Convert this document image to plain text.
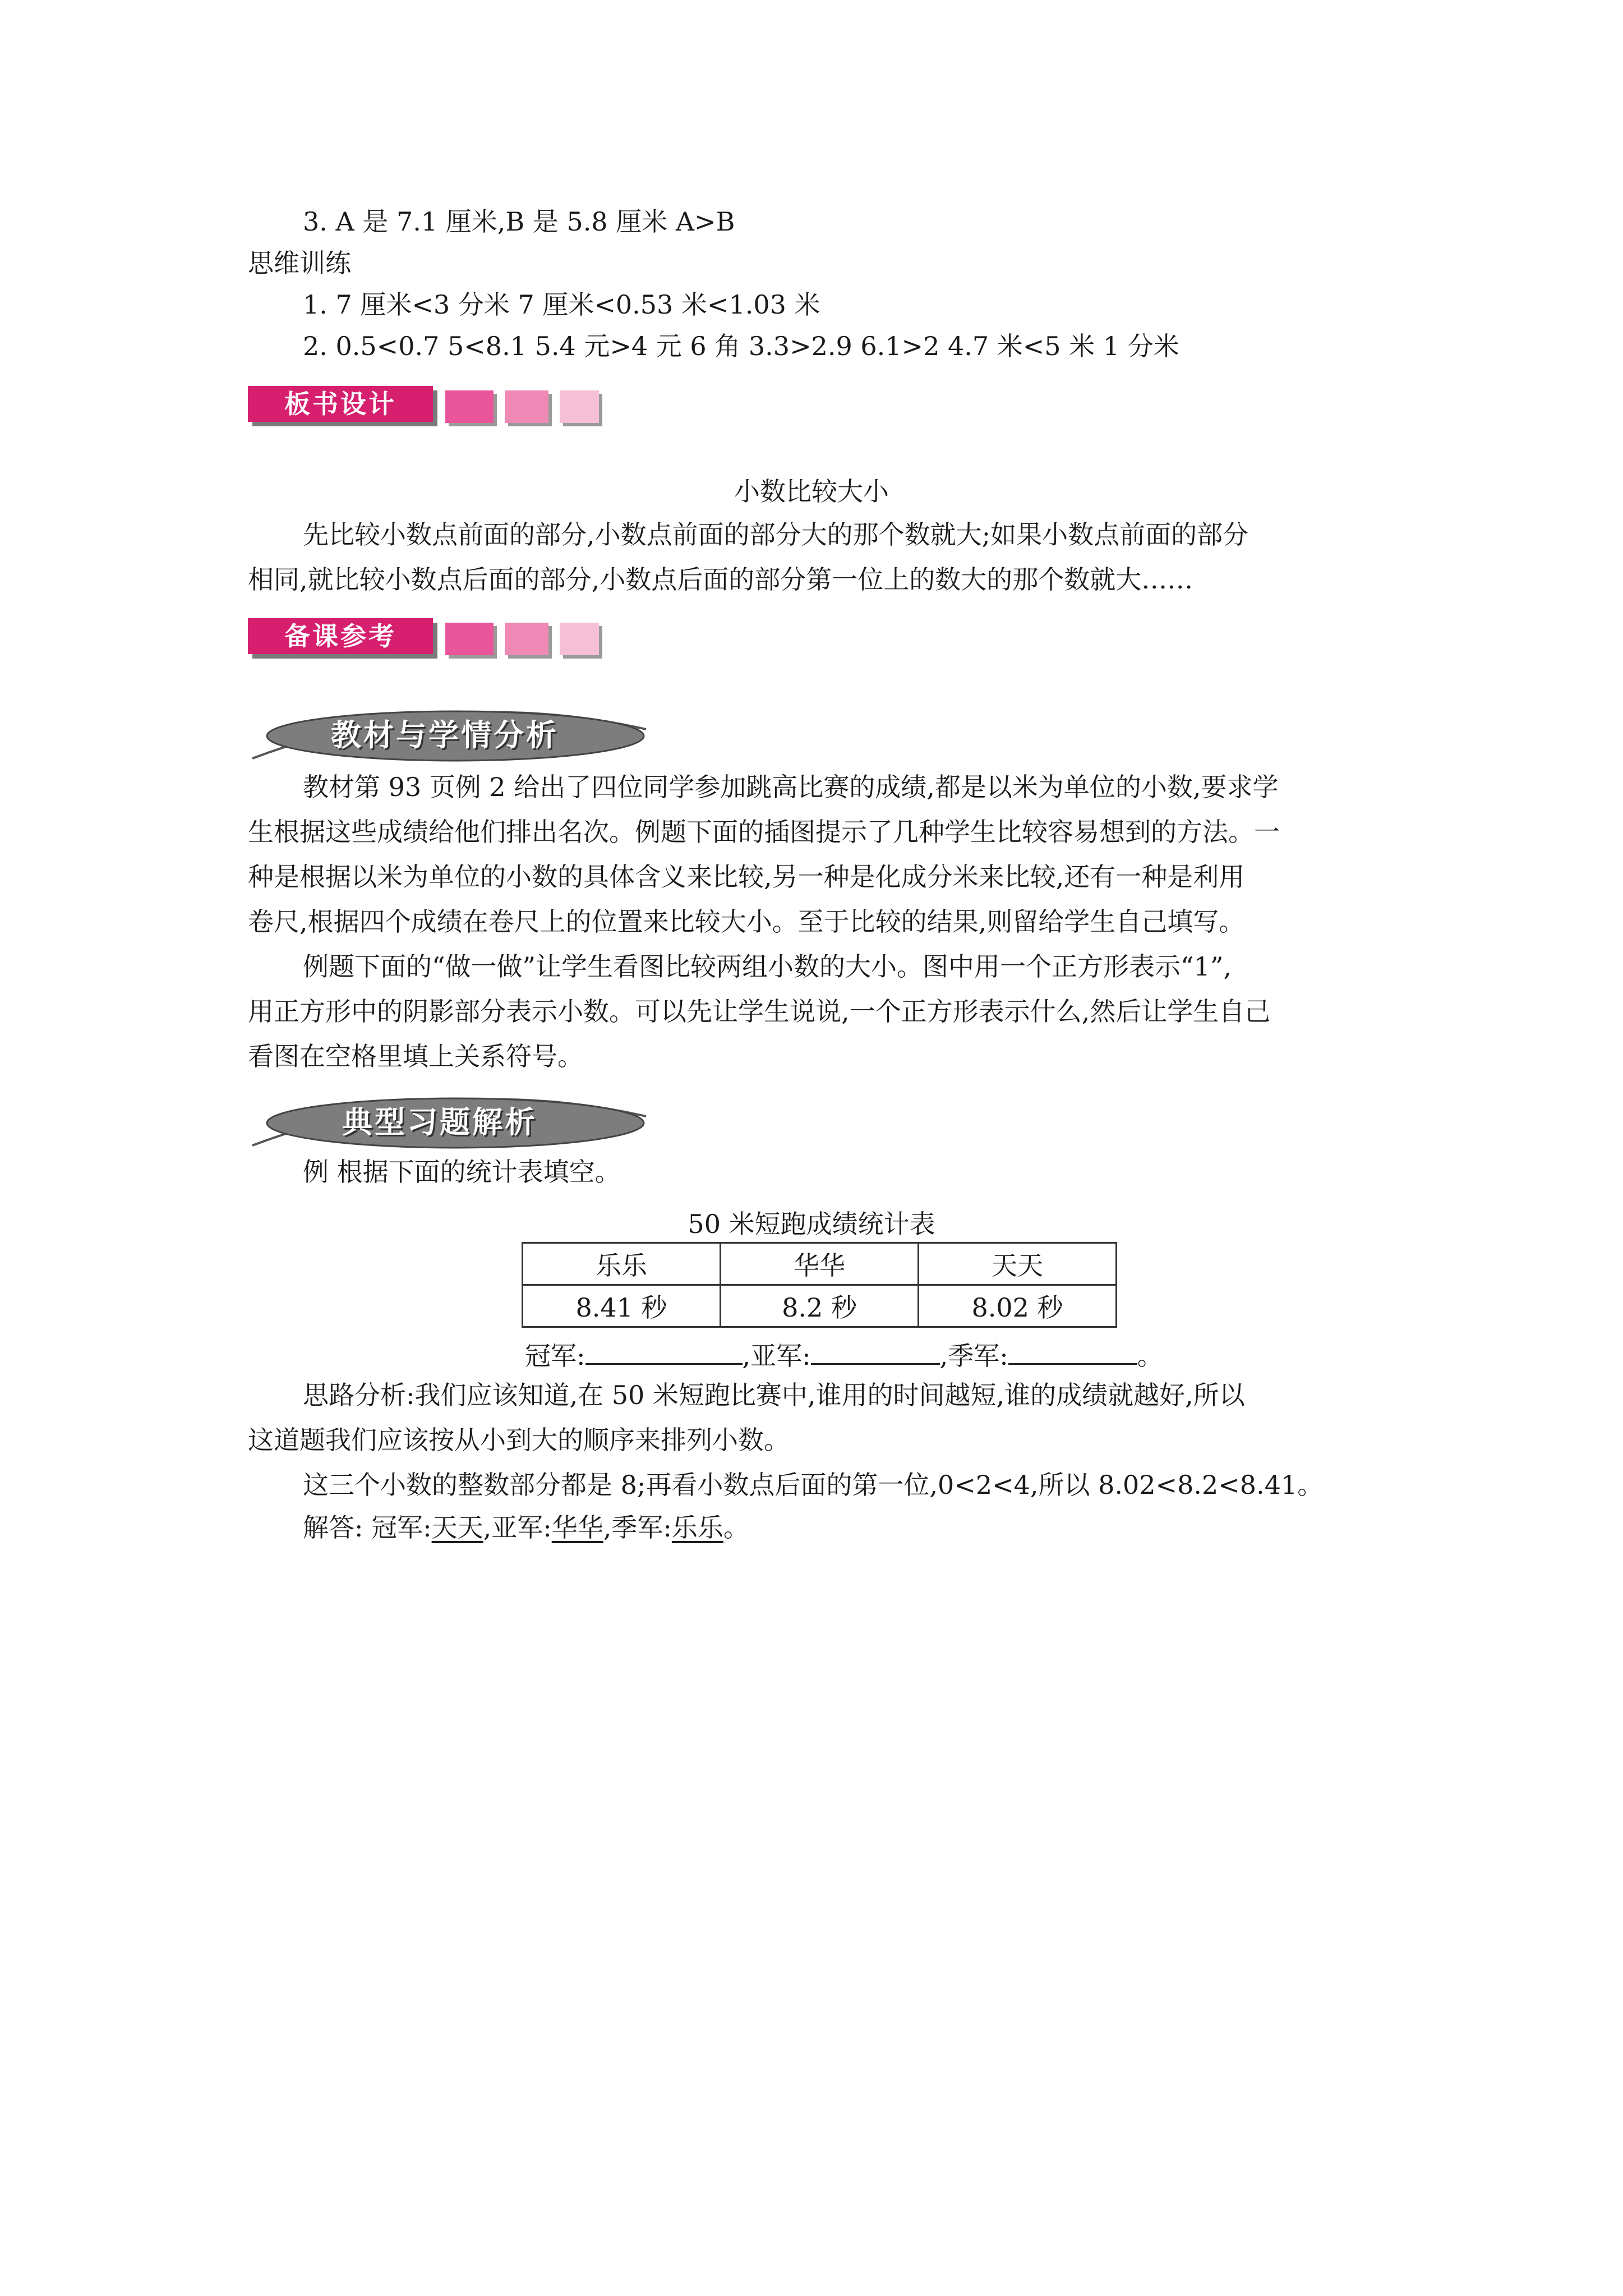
3. A 是 7.1 厘米,B 是 5.8 厘米 A>B
思维训练
1. 7 厘米<3 分米 7 厘米<0.53 米<1.03 米
2. 0.5<0.7 5<8.1 5.4 元>4 元 6 角 3.3>2.9 6.1>2 4.7 米<5 米 1 分米
板书设计
小数比较大小
先比较小数点前面的部分,小数点前面的部分大的那个数就大;如果小数点前面的部分
相同,就比较小数点后面的部分,小数点后面的部分第一位上的数大的那个数就大……
备课参考
教材与学情分析
教材第 93 页例 2 给出了四位同学参加跳高比赛的成绩,都是以米为单位的小数,要求学
生根据这些成绩给他们排出名次。例题下面的插图提示了几种学生比较容易想到的方法。一
种是根据以米为单位的小数的具体含义来比较,另一种是化成分米来比较,还有一种是利用
卷尺,根据四个成绩在卷尺上的位置来比较大小。至于比较的结果,则留给学生自己填写。
例题下面的“做一做”让学生看图比较两组小数的大小。图中用一个正方形表示“1”,
用正方形中的阴影部分表示小数。可以先让学生说说,一个正方形表示什么,然后让学生自己
看图在空格里填上关系符号。
典型习题解析
例 根据下面的统计表填空。
50 米短跑成绩统计表
乐乐	华华	天天
8.41 秒	8.2 秒	8.02 秒
冠军:	,亚军:	,季军:	。
思路分析:我们应该知道,在 50 米短跑比赛中,谁用的时间越短,谁的成绩就越好,所以
这道题我们应该按从小到大的顺序来排列小数。
这三个小数的整数部分都是 8;再看小数点后面的第一位,0<2<4,所以 8.02<8.2<8.41。
解答: 冠军:天天,亚军:华华,季军:乐乐。
